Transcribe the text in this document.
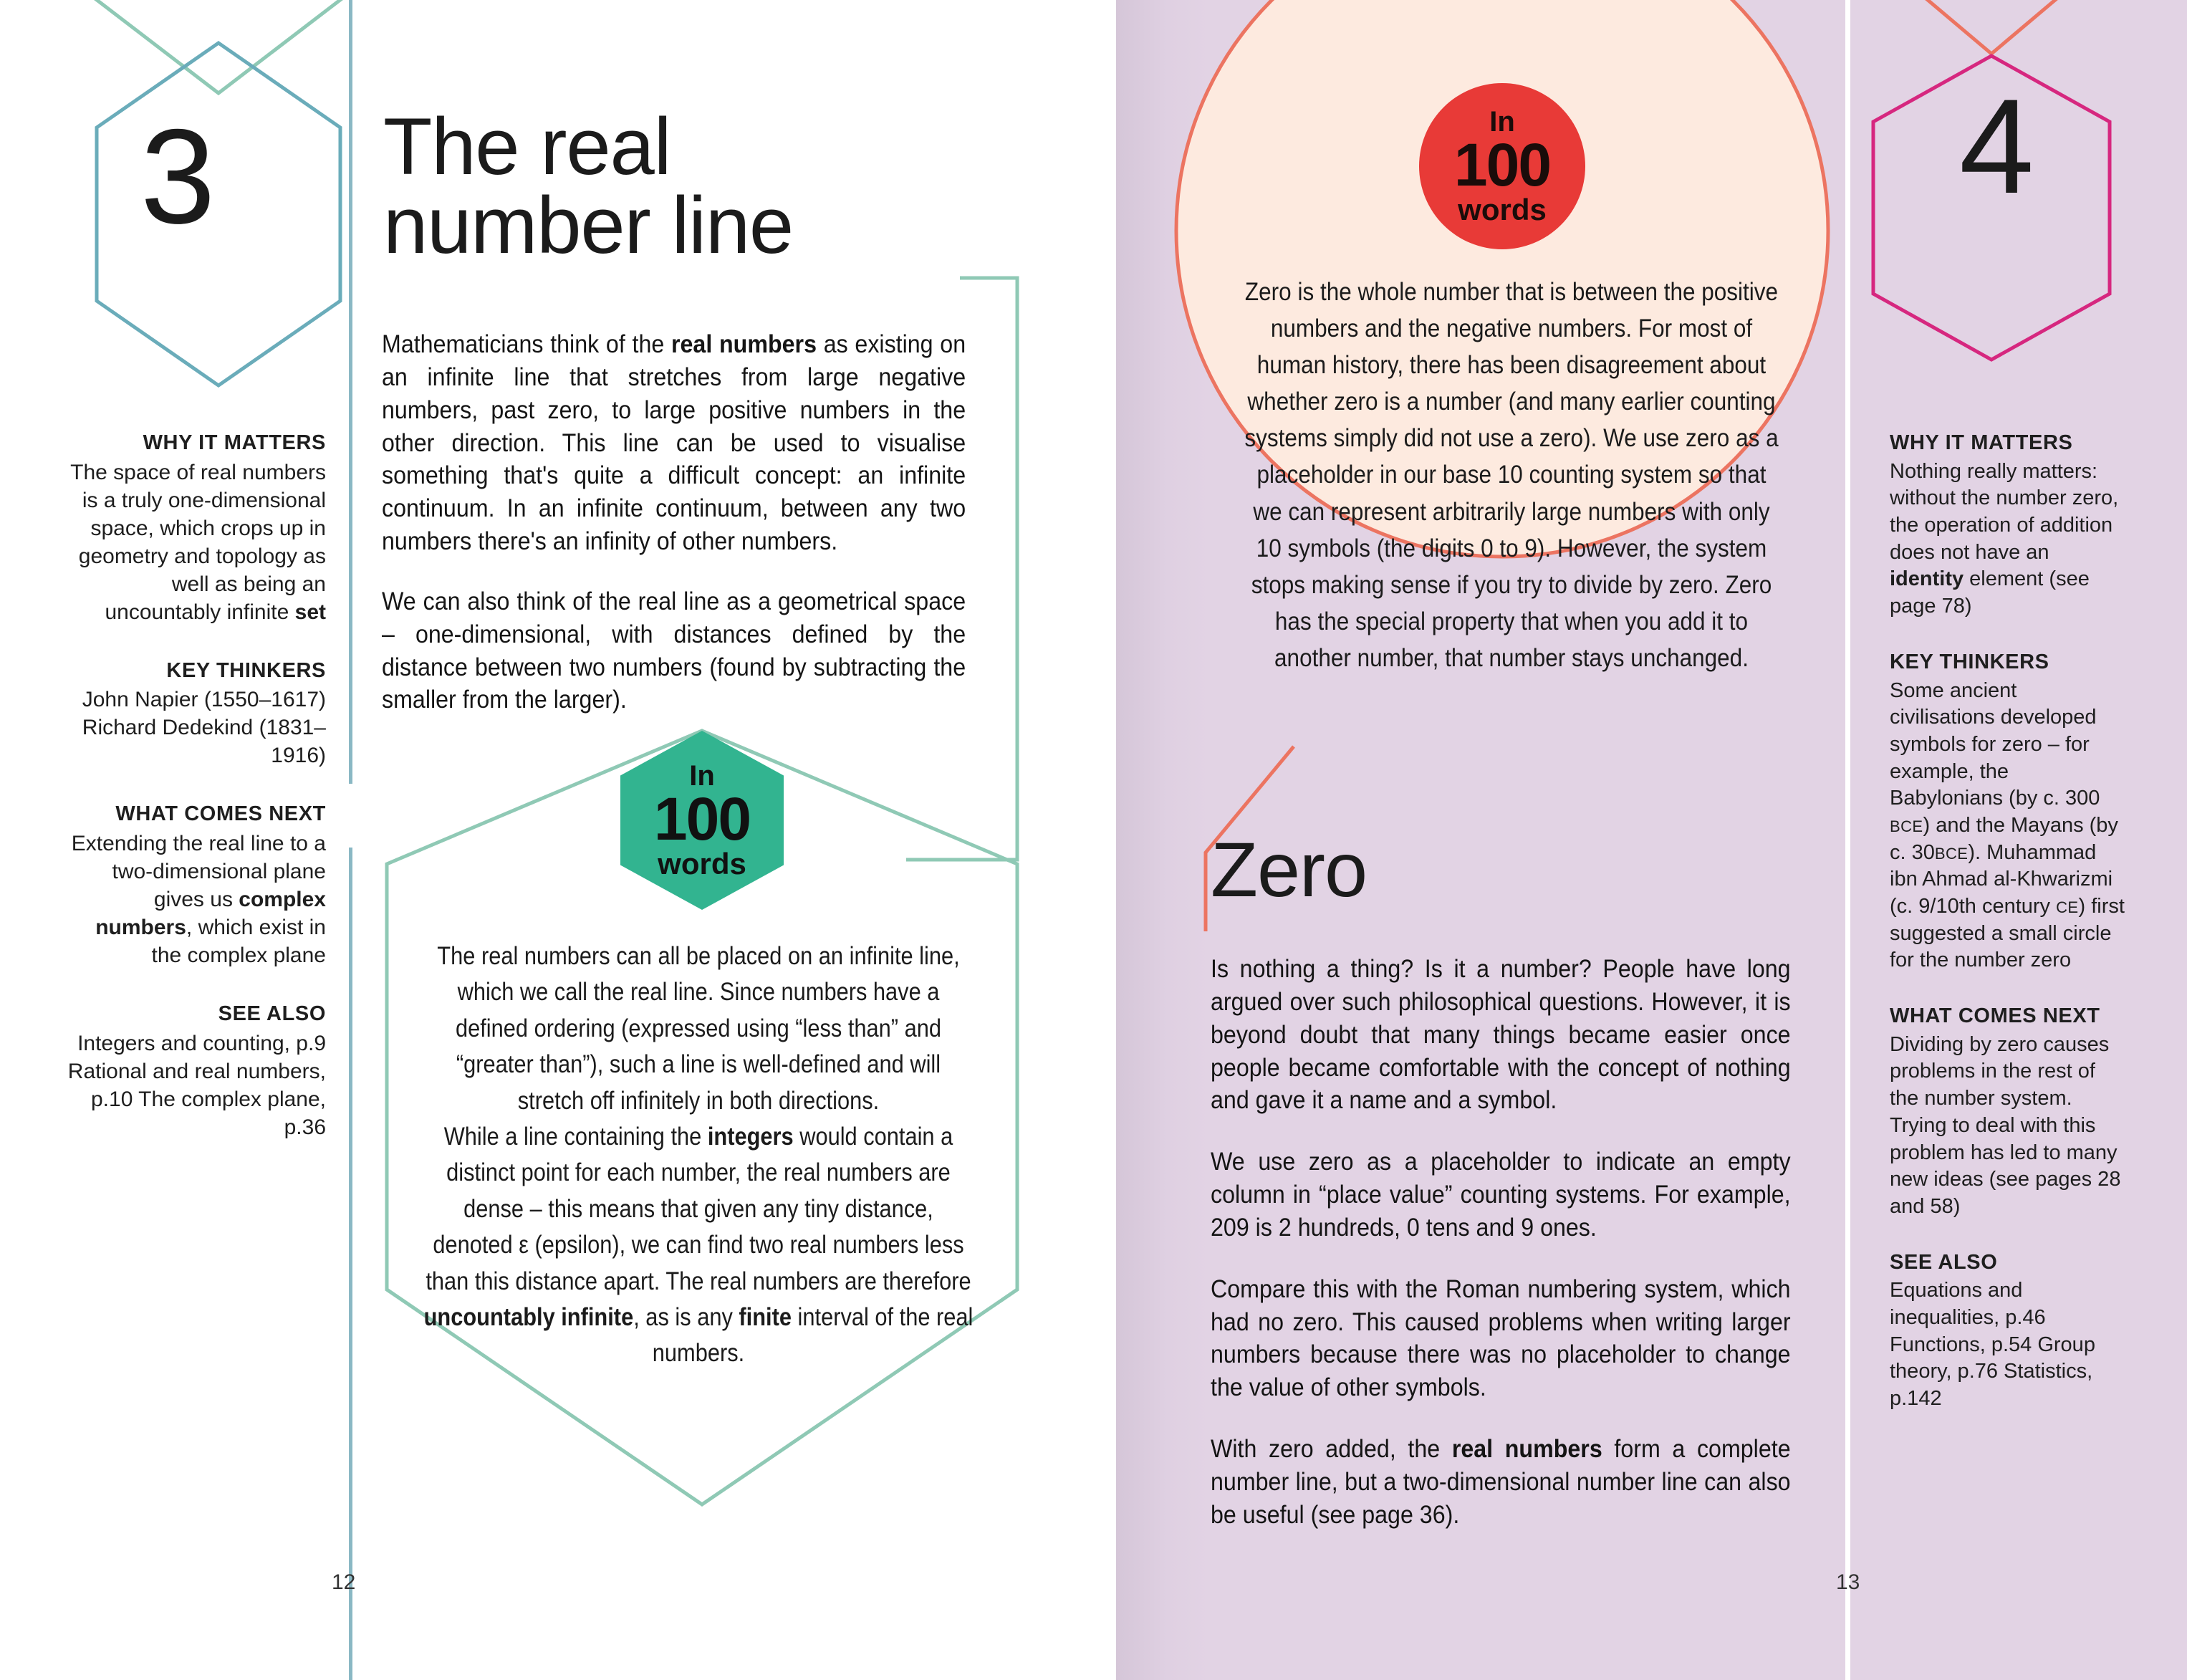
3	4
The real
number line

Mathematicians think of the real numbers as existing on an infinite line that stretches from large negative numbers, past zero, to large positive numbers in the other direction. This line can be used to visualise something that's quite a difficult concept: an infinite continuum. In an infinite continuum, between any two numbers there's an infinity of other numbers.

We can also think of the real line as a geometrical space – one-dimensional, with distances defined by the distance between two numbers (found by subtracting the smaller from the larger).

WHY IT MATTERS
The space of real numbers is a truly one-dimensional space, which crops up in geometry and topology as well as being an uncountably infinite set
KEY THINKERS
John Napier (1550–1617) Richard Dedekind (1831–1916)
WHAT COMES NEXT
Extending the real line to a two-dimensional plane gives us complex numbers, which exist in the complex plane
SEE ALSO
Integers and counting, p.9 Rational and real numbers, p.10 The complex plane, p.36
In
100
words
The real numbers can all be placed on an infinite line, which we call the real line. Since numbers have a defined ordering (expressed using “less than” and “greater than”), such a line is well-defined and will stretch off infinitely in both directions.
While a line containing the integers would contain a distinct point for each number, the real numbers are dense – this means that given any tiny distance, denoted ε (epsilon), we can find two real numbers less than this distance apart. The real numbers are therefore uncountably infinite, as is any finite interval of the real numbers.
12
In
100
words
Zero is the whole number that is between the positive numbers and the negative numbers. For most of human history, there has been disagreement about whether zero is a number (and many earlier counting systems simply did not use a zero). We use zero as a placeholder in our base 10 counting system so that we can represent arbitrarily large numbers with only 10 symbols (the digits 0 to 9). However, the system stops making sense if you try to divide by zero. Zero has the special property that when you add it to another number, that number stays unchanged.
Zero

Is nothing a thing? Is it a number? People have long argued over such philosophical questions. However, it is beyond doubt that many things became easier once people became comfortable with the concept of nothing and gave it a name and a symbol.

We use zero as a placeholder to indicate an empty column in “place value” counting systems. For example, 209 is 2 hundreds, 0 tens and 9 ones.

Compare this with the Roman numbering system, which had no zero. This caused problems when writing larger numbers because there was no placeholder to change the value of other symbols.

With zero added, the real numbers form a complete number line, but a two-dimensional number line can also be useful (see page 36).

WHY IT MATTERS
Nothing really matters: without the number zero, the operation of addition does not have an identity element (see page 78)
KEY THINKERS
Some ancient civilisations developed symbols for zero – for example, the Babylonians (by c. 300 BCE) and the Mayans (by c. 30BCE). Muhammad ibn Ahmad al-Khwarizmi (c. 9/10th century CE) first suggested a small circle for the number zero
WHAT COMES NEXT
Dividing by zero causes problems in the rest of the number system. Trying to deal with this problem has led to many new ideas (see pages 28 and 58)
SEE ALSO
Equations and inequalities, p.46 Functions, p.54 Group theory, p.76 Statistics, p.142
13
